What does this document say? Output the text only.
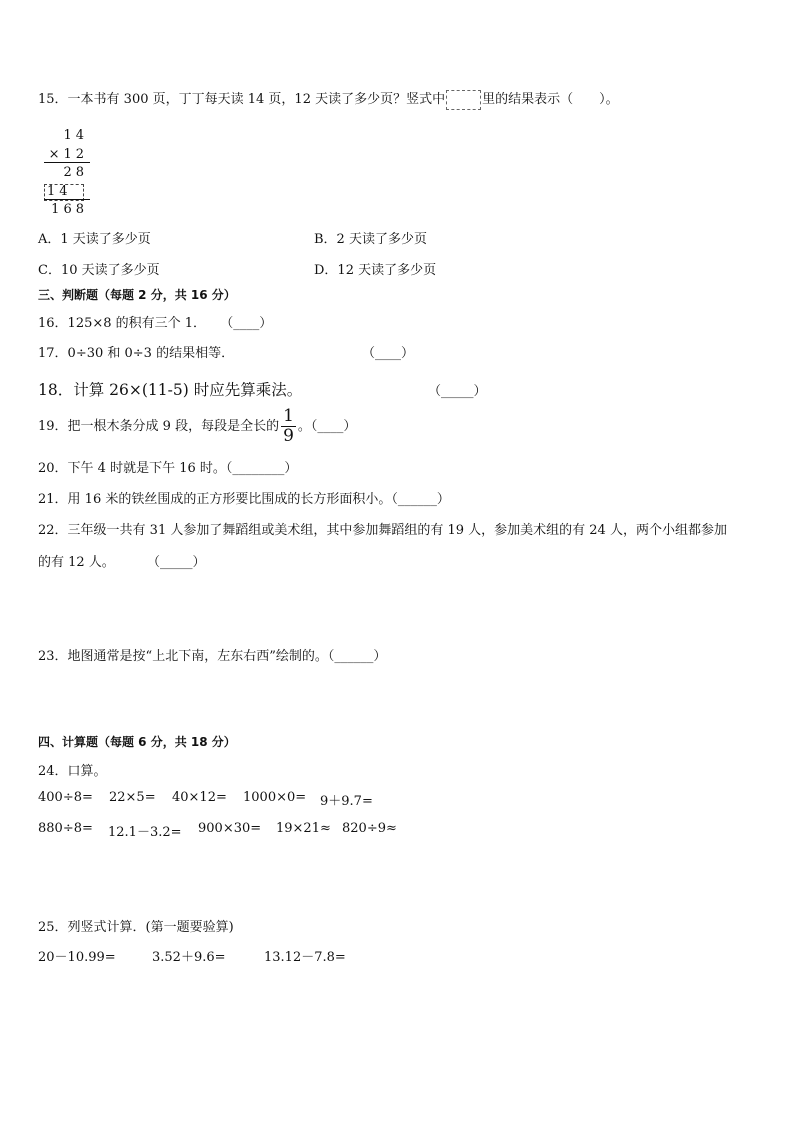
15．一本书有 300 页，丁丁每天读 14 页，12 天读了多少页？竖式中	里的结果表示（　　）。
14
×12
28
14
168
A．1 天读了多少页	B．2 天读了多少页
C．10 天读了多少页	D．12 天读了多少页
三、判断题（每题 2 分，共 16 分）
16．125×8 的积有三个 1． （____）
17．0÷30 和 0÷3 的结果相等．	（____）
18．计算 26×(11-5) 时应先算乘法。	（_____）
19．把一根木条分成 9 段，每段是全长的 $\frac{1}{9}$ 。（____）
20．下午 4 时就是下午 16 时。（________）
21．用 16 米的铁丝围成的正方形要比围成的长方形面积小。（______）
22．三年级一共有 31 人参加了舞蹈组或美术组，其中参加舞蹈组的有 19 人，参加美术组的有 24 人，两个小组都参加
的有 12 人。 （_____）
23．地图通常是按“上北下南，左东右西”绘制的。（______）
四、计算题（每题 6 分，共 18 分）
24．口算。
400÷8= 22×5= 40×12= 1000×0= 9＋9.7=
880÷8= 12.1－3.2= 900×30= 19×21≈ 820÷9≈
25．列竖式计算．(第一题要验算)
20－10.99=	3.52＋9.6=	13.12－7.8=
